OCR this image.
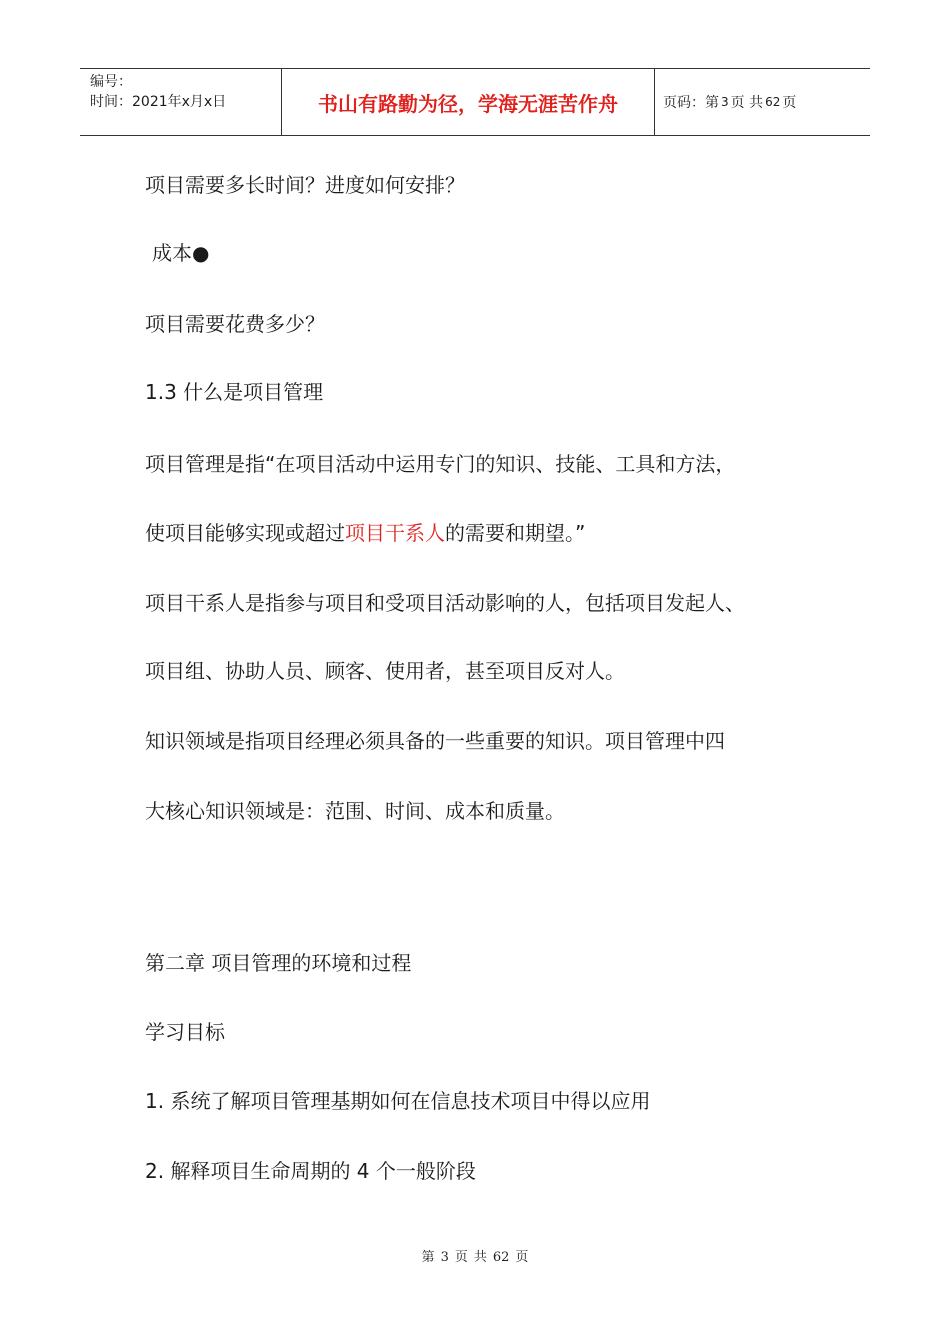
编号：
时间：2021年x月x日	书山有路勤为径，学海无涯苦作舟	页码：第 3 页 共 62 页
项目需要多长时间？进度如何安排？
成本●
项目需要花费多少？
1.3 什么是项目管理
项目管理是指“在项目活动中运用专门的知识、技能、工具和方法，
使项目能够实现或超过项目干系人的需要和期望。”
项目干系人是指参与项目和受项目活动影响的人，包括项目发起人、
项目组、协助人员、顾客、使用者，甚至项目反对人。
知识领域是指项目经理必须具备的一些重要的知识。项目管理中四
大核心知识领域是：范围、时间、成本和质量。
第二章 项目管理的环境和过程
学习目标
1. 系统了解项目管理基期如何在信息技术项目中得以应用
2. 解释项目生命周期的 4 个一般阶段
第 3 页 共 62 页
